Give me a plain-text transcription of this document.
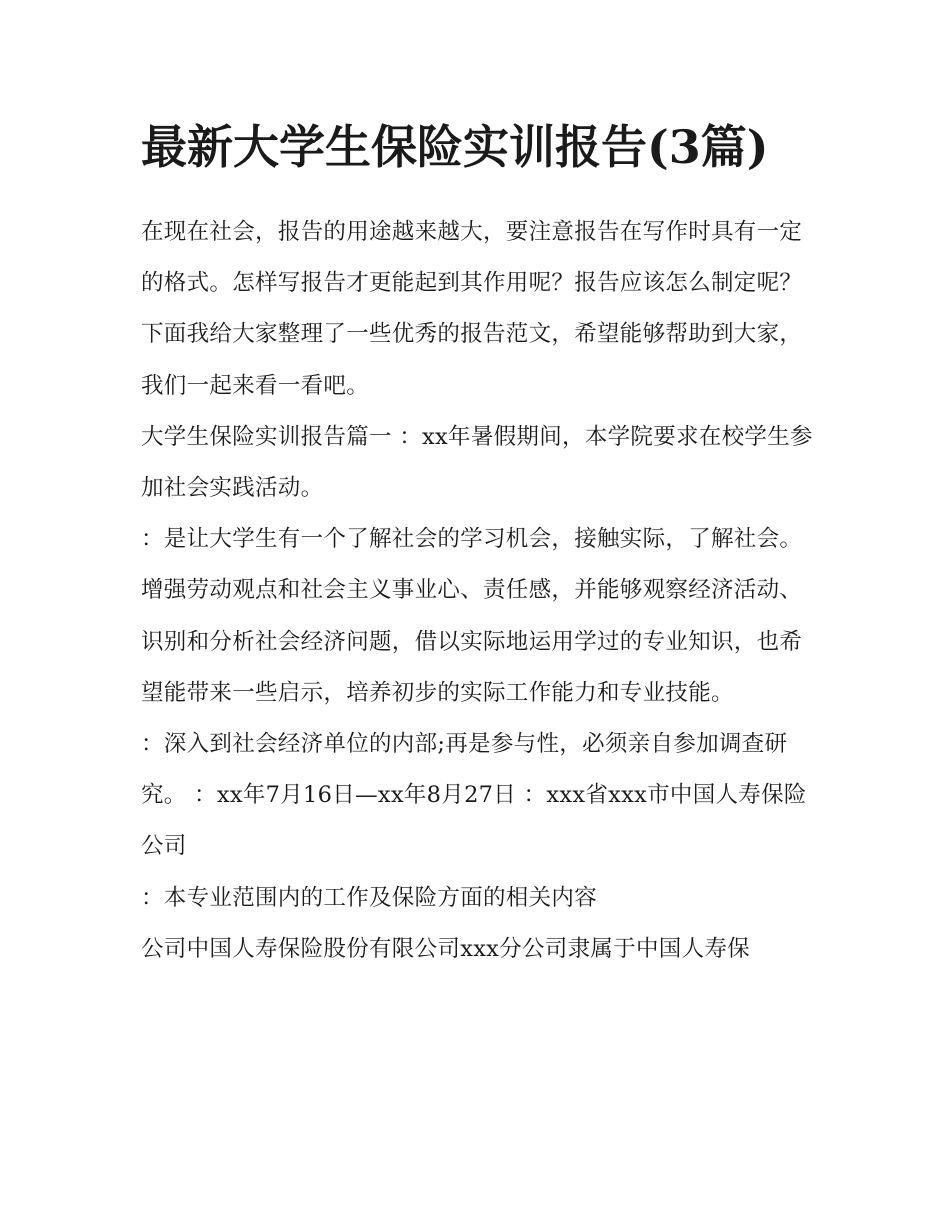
最新大学生保险实训报告(3篇)

在现在社会，报告的用途越来越大，要注意报告在写作时具有一定的格式。怎样写报告才更能起到其作用呢？报告应该怎么制定呢？下面我给大家整理了一些优秀的报告范文，希望能够帮助到大家，我们一起来看一看吧。

大学生保险实训报告篇一 ：xx年暑假期间，本学院要求在校学生参加社会实践活动。

：是让大学生有一个了解社会的学习机会，接触实际，了解社会。增强劳动观点和社会主义事业心、责任感，并能够观察经济活动、识别和分析社会经济问题，借以实际地运用学过的专业知识，也希望能带来一些启示，培养初步的实际工作能力和专业技能。

：深入到社会经济单位的内部;再是参与性，必须亲自参加调查研究。 ：xx年7月16日—xx年8月27日 ：xxx省xxx市中国人寿保险公司

：本专业范围内的工作及保险方面的相关内容

公司中国人寿保险股份有限公司xxx分公司隶属于中国人寿保
